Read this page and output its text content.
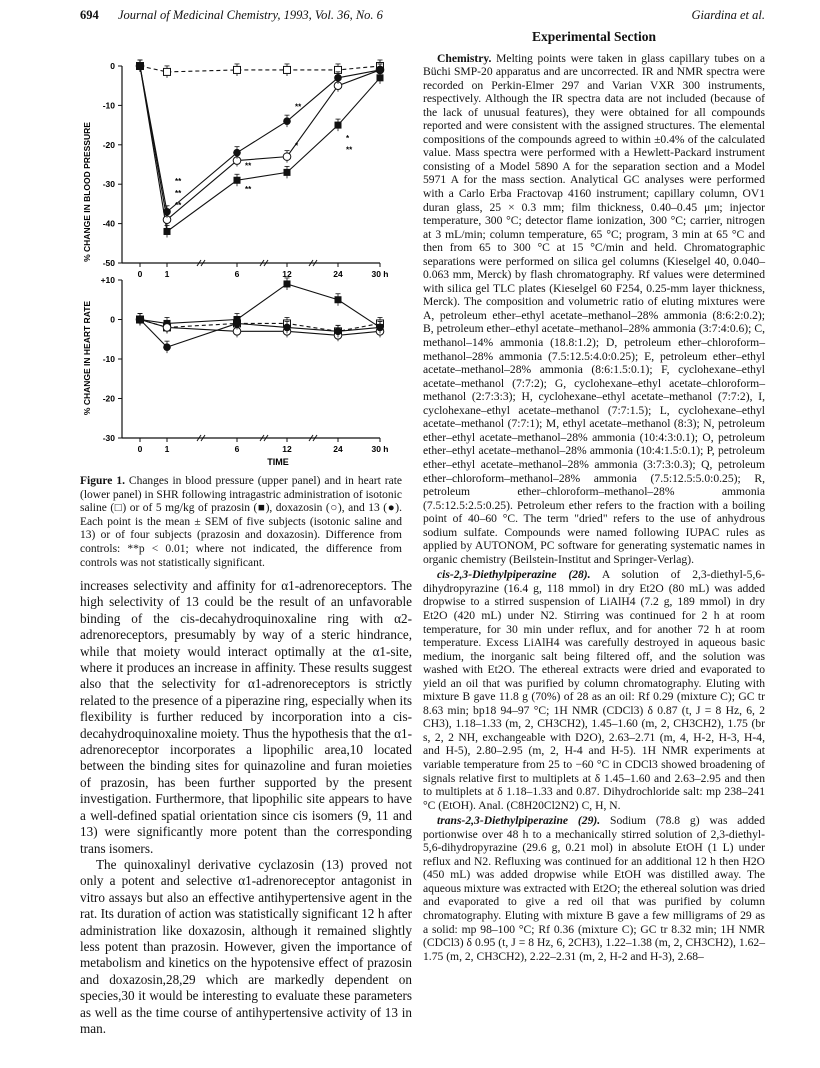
694 Journal of Medicinal Chemistry, 1993, Vol. 36, No. 6	Giardina et al.
% CHANGE IN BLOOD PRESSURE
0
-10
-20
-30
-40
-50
0	1	6	12	24	30 h
**
**
**
**
**
**
*
*
**
% CHANGE IN HEART RATE
+10
0
-10
-20
-30
0	1	6	12	24	30 h
TIME
Figure 1. Changes in blood pressure (upper panel) and in heart rate (lower panel) in SHR following intragastric administration of isotonic saline (□) or of 5 mg/kg of prazosin (■), doxazosin (○), and 13 (●). Each point is the mean ± SEM of five subjects (isotonic saline and 13) or of four subjects (prazosin and doxazosin). Difference from controls: **p < 0.01; where not indicated, the difference from controls was not statistically significant.

increases selectivity and affinity for α1-adrenoreceptors. The high selectivity of 13 could be the result of an unfavorable binding of the cis-decahydroquinoxaline ring with α2-adrenoreceptors, presumably by way of a steric hindrance, while that moiety would interact optimally at the α1-site, where it produces an increase in affinity. These results suggest also that the selectivity for α1-adrenoreceptors is strictly related to the presence of a piperazine ring, especially when its flexibility is further reduced by incorporation into a cis-decahydroquinoxaline moiety. Thus the hypothesis that the α1-adrenoreceptor incorporates a lipophilic area,10 located between the binding sites for quinazoline and furan moieties of prazosin, has been further supported by the present investigation. Furthermore, that lipophilic site appears to have a well-defined spatial orientation since cis isomers (9, 11 and 13) were significantly more potent than the corresponding trans isomers.

The quinoxalinyl derivative cyclazosin (13) proved not only a potent and selective α1-adrenoreceptor antagonist in vitro assays but also an effective antihypertensive agent in the rat. Its duration of action was statistically significant 12 h after administration like doxazosin, although it remained slightly less potent than prazosin. However, given the importance of metabolism and kinetics on the hypotensive effect of prazosin and doxazosin,28,29 which are markedly dependent on species,30 it would be interesting to evaluate these parameters as well as the time course of antihypertensive activity of 13 in man.

Experimental Section

Chemistry. Melting points were taken in glass capillary tubes on a Büchi SMP-20 apparatus and are uncorrected. IR and NMR spectra were recorded on Perkin-Elmer 297 and Varian VXR 300 instruments, respectively. Although the IR spectra data are not included (because of the lack of unusual features), they were obtained for all compounds reported and were consistent with the assigned structures. The elemental compositions of the compounds agreed to within ±0.4% of the calculated value. Mass spectra were performed with a Hewlett-Packard instrument consisting of a Model 5890 A for the separation section and a Model 5971 A for the mass section. Analytical GC analyses were performed with a Carlo Erba Fractovap 4160 instrument; capillary column, OV1 duran glass, 25 × 0.3 mm; film thickness, 0.40–0.45 μm; injector temperature, 300 °C; detector flame ionization, 300 °C; carrier, nitrogen at 3 mL/min; column temperature, 65 °C; program, 3 min at 65 °C and then from 65 to 300 °C at 15 °C/min and held. Chromatographic separations were performed on silica gel columns (Kieselgel 40, 0.040–0.063 mm, Merck) by flash chromatography. Rf values were determined with silica gel TLC plates (Kieselgel 60 F254, 0.25-mm layer thickness, Merck). The composition and volumetric ratio of eluting mixtures were A, petroleum ether–ethyl acetate–methanol–28% ammonia (8:6:2:0.2); B, petroleum ether–ethyl acetate–methanol–28% ammonia (3:7:4:0.6); C, methanol–14% ammonia (18.8:1.2); D, petroleum ether–chloroform–methanol–28% ammonia (7.5:12.5:4.0:0.25); E, petroleum ether–ethyl acetate–methanol–28% ammonia (8:6:1.5:0.1); F, cyclohexane–ethyl acetate–methanol (7:7:2); G, cyclohexane–ethyl acetate–chloroform–methanol (2:7:3:3); H, cyclohexane–ethyl acetate–methanol (7:7:2), I, cyclohexane–ethyl acetate–methanol (7:7:1.5); L, cyclohexane–ethyl acetate–methanol (7:7:1); M, ethyl acetate–methanol (8:3); N, petroleum ether–ethyl acetate–methanol–28% ammonia (10:4:3:0.1); O, petroleum ether–ethyl acetate–methanol–28% ammonia (10:4:1.5:0.1); P, petroleum ether–ethyl acetate–methanol–28% ammonia (3:7:3:0.3); Q, petroleum ether–chloroform–methanol–28% ammonia (7.5:12.5:5.0:0.25); R, petroleum ether–chloroform–methanol–28% ammonia (7.5:12.5:2.5:0.25). Petroleum ether refers to the fraction with a boiling point of 40–60 °C. The term "dried" refers to the use of anhydrous sodium sulfate. Compounds were named following IUPAC rules as applied by AUTONOM, PC software for generating systematic names in organic chemistry (Beilstein-Institut and Springer-Verlag).

cis-2,3-Diethylpiperazine (28). A solution of 2,3-diethyl-5,6-dihydropyrazine (16.4 g, 118 mmol) in dry Et2O (80 mL) was added dropwise to a stirred suspension of LiAlH4 (7.2 g, 189 mmol) in dry Et2O (420 mL) under N2. Stirring was continued for 2 h at room temperature, for 30 min under reflux, and for another 72 h at room temperature. Excess LiAlH4 was carefully destroyed in aqueous basic medium, the inorganic salt being filtered off, and the solution was washed with Et2O. The ethereal extracts were dried and evaporated to yield an oil that was purified by column chromatography. Eluting with mixture B gave 11.8 g (70%) of 28 as an oil: Rf 0.29 (mixture C); GC tr 8.63 min; bp18 94–97 °C; 1H NMR (CDCl3) δ 0.87 (t, J = 8 Hz, 6, 2 CH3), 1.18–1.33 (m, 2, CH3CH2), 1.45–1.60 (m, 2, CH3CH2), 1.75 (br s, 2, 2 NH, exchangeable with D2O), 2.63–2.71 (m, 4, H-2, H-3, H-4, and H-5), 2.80–2.95 (m, 2, H-4 and H-5). 1H NMR experiments at variable temperature from 25 to −60 °C in CDCl3 showed broadening of signals relative first to multiplets at δ 1.45–1.60 and 2.63–2.95 and then to multiplets at δ 1.18–1.33 and 0.87. Dihydrochloride salt: mp 238–241 °C (EtOH). Anal. (C8H20Cl2N2) C, H, N.

trans-2,3-Diethylpiperazine (29). Sodium (78.8 g) was added portionwise over 48 h to a mechanically stirred solution of 2,3-diethyl-5,6-dihydropyrazine (29.6 g, 0.21 mol) in absolute EtOH (1 L) under reflux and N2. Refluxing was continued for an additional 12 h then H2O (450 mL) was added dropwise while EtOH was distilled away. The aqueous mixture was extracted with Et2O; the ethereal solution was dried and evaporated to give a red oil that was purified by column chromatography. Eluting with mixture B gave a few milligrams of 29 as a solid: mp 98–100 °C; Rf 0.36 (mixture C); GC tr 8.32 min; 1H NMR (CDCl3) δ 0.95 (t, J = 8 Hz, 6, 2CH3), 1.22–1.38 (m, 2, CH3CH2), 1.62–1.75 (m, 2, CH3CH2), 2.22–2.31 (m, 2, H-2 and H-3), 2.68–
